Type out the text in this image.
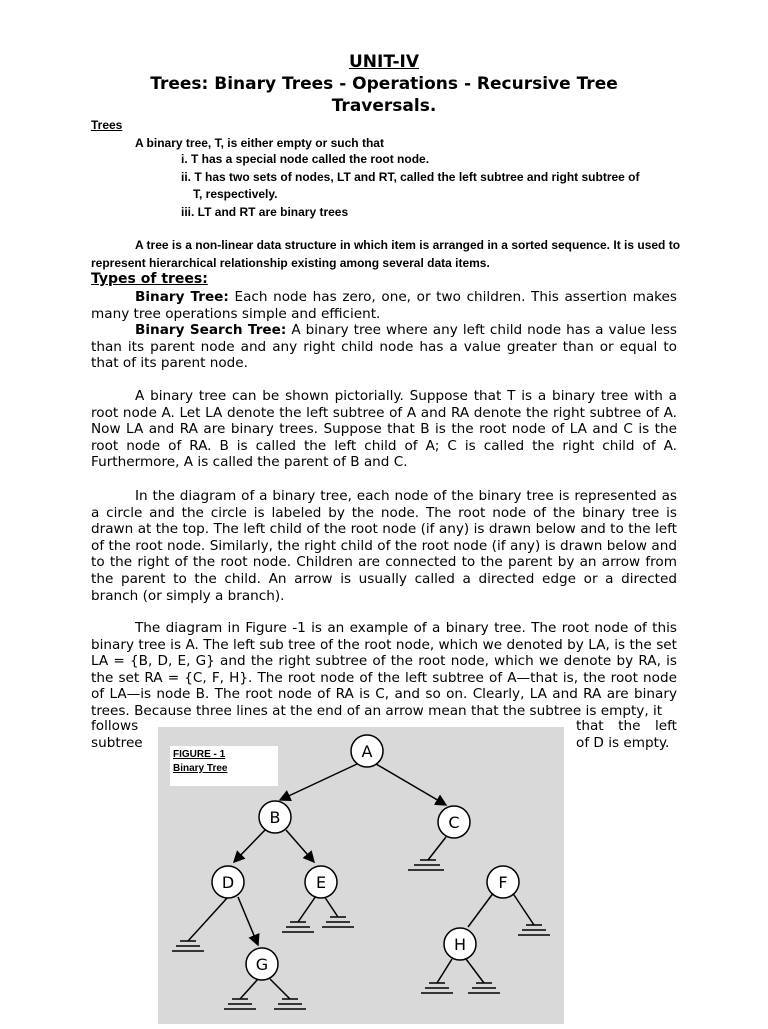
UNIT-IV
Trees: Binary Trees - Operations - Recursive Tree
Traversals.
Trees
A binary tree, T, is either empty or such that
i. T has a special node called the root node.
ii. T has two sets of nodes, LT and RT, called the left subtree and right subtree of
T, respectively.
iii. LT and RT are binary trees
A tree is a non-linear data structure in which item is arranged in a sorted sequence. It is used to
represent hierarchical relationship existing among several data items.
Types of trees:

Binary Tree: Each node has zero, one, or two children. This assertion makes many tree operations simple and efficient.

Binary Search Tree: A binary tree where any left child node has a value less than its parent node and any right child node has a value greater than or equal to that of its parent node.

A binary tree can be shown pictorially. Suppose that T is a binary tree with a root node A. Let LA denote the left subtree of A and RA denote the right subtree of A. Now LA and RA are binary trees. Suppose that B is the root node of LA and C is the root node of RA. B is called the left child of A; C is called the right child of A. Furthermore, A is called the parent of B and C.

In the diagram of a binary tree, each node of the binary tree is represented as a circle and the circle is labeled by the node. The root node of the binary tree is drawn at the top. The left child of the root node (if any) is drawn below and to the left of the root node. Similarly, the right child of the root node (if any) is drawn below and to the right of the root node. Children are connected to the parent by an arrow from the parent to the child. An arrow is usually called a directed edge or a directed branch (or simply a branch).

The diagram in Figure -1 is an example of a binary tree. The root node of this binary tree is A. The left sub tree of the root node, which we denoted by LA, is the set LA = {B, D, E, G} and the right subtree of the root node, which we denote by RA, is the set RA = {C, F, H}. The root node of the left subtree of A—that is, the root node of LA—is node B. The root node of RA is C, and so on. Clearly, LA and RA are binary trees. Because three lines at the end of an arrow mean that the subtree is empty, it

follows	that the left
subtree	of D is empty.
A
B	C
D	E	F
G
H
FIGURE - 1
Binary Tree
